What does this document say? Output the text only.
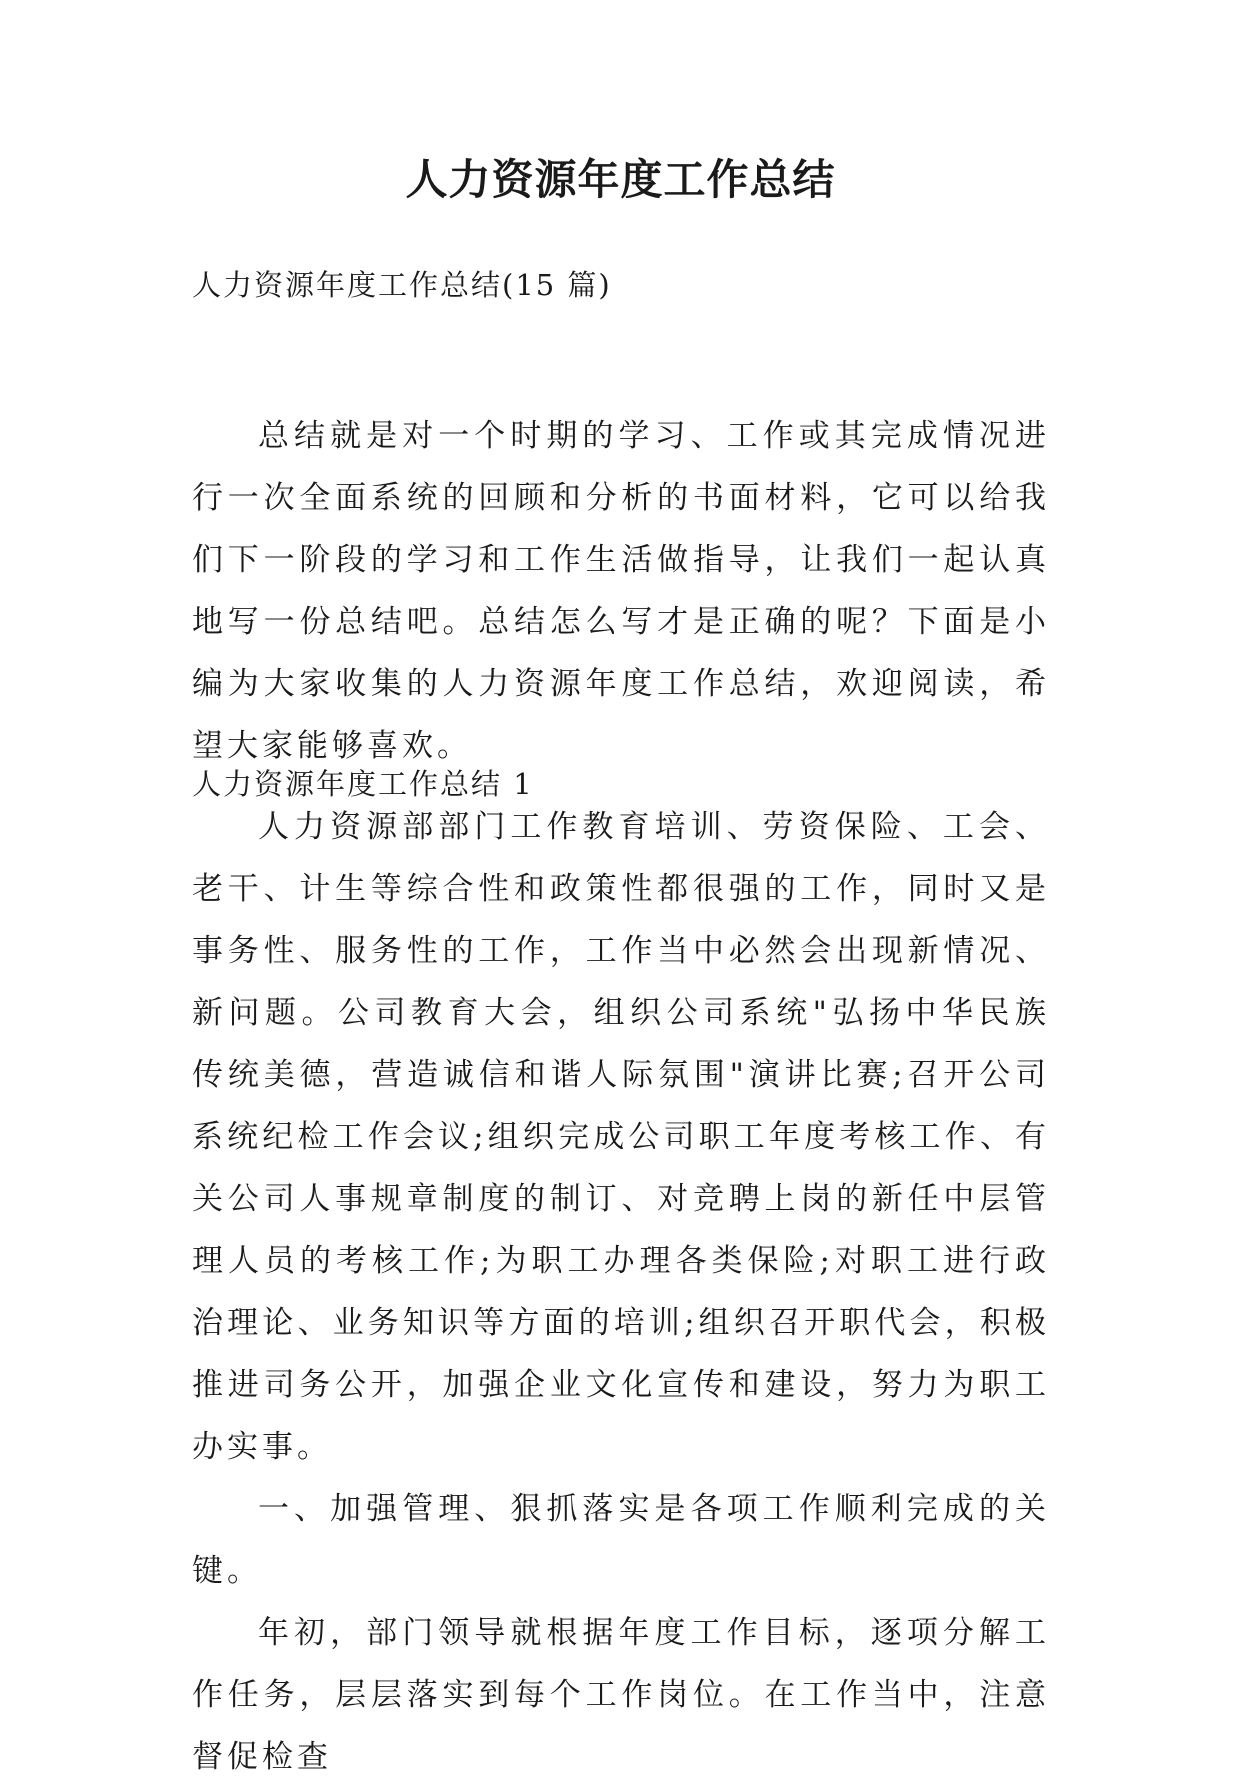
人力资源年度工作总结
人力资源年度工作总结(15 篇)
总结就是对一个时期的学习、工作或其完成情况进行一次全面系统的回顾和分析的书面材料，它可以给我们下一阶段的学习和工作生活做指导，让我们一起认真地写一份总结吧。总结怎么写才是正确的呢？下面是小编为大家收集的人力资源年度工作总结，欢迎阅读，希望大家能够喜欢。
人力资源年度工作总结 1

人力资源部部门工作教育培训、劳资保险、工会、老干、计生等综合性和政策性都很强的工作，同时又是事务性、服务性的工作，工作当中必然会出现新情况、新问题。公司教育大会，组织公司系统"弘扬中华民族传统美德，营造诚信和谐人际氛围"演讲比赛;召开公司系统纪检工作会议;组织完成公司职工年度考核工作、有关公司人事规章制度的制订、对竞聘上岗的新任中层管理人员的考核工作;为职工办理各类保险;对职工进行政治理论、业务知识等方面的培训;组织召开职代会，积极推进司务公开，加强企业文化宣传和建设，努力为职工办实事。

一、加强管理、狠抓落实是各项工作顺利完成的关键。

年初，部门领导就根据年度工作目标，逐项分解工作任务，层层落实到每个工作岗位。在工作当中，注意督促检查
